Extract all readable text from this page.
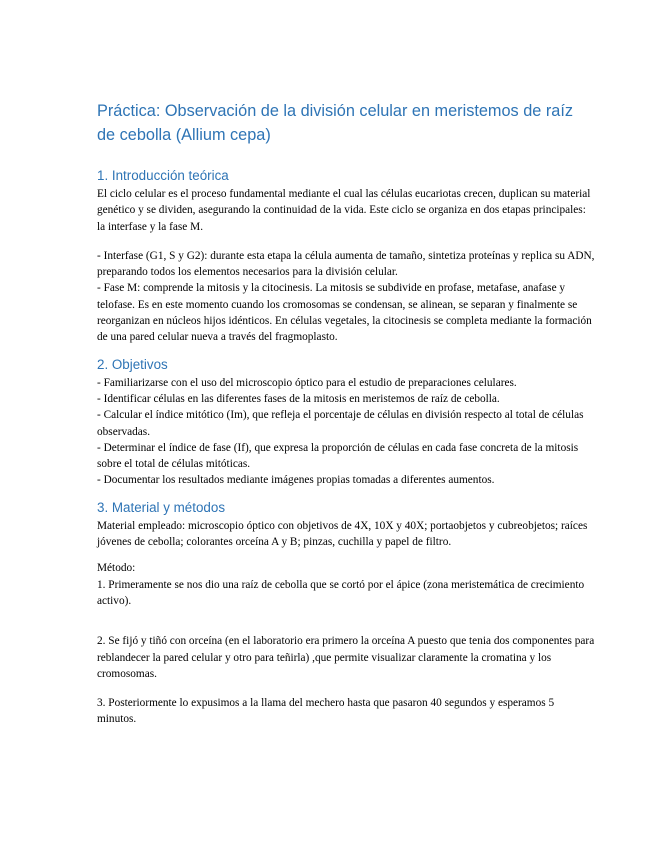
Práctica: Observación de la división celular en meristemos de raíz de cebolla (Allium cepa)
1. Introducción teórica

El ciclo celular es el proceso fundamental mediante el cual las células eucariotas crecen, duplican su material genético y se dividen, asegurando la continuidad de la vida. Este ciclo se organiza en dos etapas principales: la interfase y la fase M.

- Interfase (G1, S y G2): durante esta etapa la célula aumenta de tamaño, sintetiza proteínas y replica su ADN, preparando todos los elementos necesarios para la división celular.
- Fase M: comprende la mitosis y la citocinesis. La mitosis se subdivide en profase, metafase, anafase y telofase. Es en este momento cuando los cromosomas se condensan, se alinean, se separan y finalmente se reorganizan en núcleos hijos idénticos. En células vegetales, la citocinesis se completa mediante la formación de una pared celular nueva a través del fragmoplasto.
2. Objetivos
- Familiarizarse con el uso del microscopio óptico para el estudio de preparaciones celulares.
- Identificar células en las diferentes fases de la mitosis en meristemos de raíz de cebolla.
- Calcular el índice mitótico (Im), que refleja el porcentaje de células en división respecto al total de células observadas.
- Determinar el índice de fase (If), que expresa la proporción de células en cada fase concreta de la mitosis sobre el total de células mitóticas.
- Documentar los resultados mediante imágenes propias tomadas a diferentes aumentos.
3. Material y métodos

Material empleado: microscopio óptico con objetivos de 4X, 10X y 40X; portaobjetos y cubreobjetos; raíces jóvenes de cebolla; colorantes orceína A y B; pinzas, cuchilla y papel de filtro.

Método:

1. Primeramente se nos dio una raíz de cebolla que se cortó por el ápice (zona meristemática de crecimiento activo).

2. Se fijó y tiñó con orceína (en el laboratorio era primero la orceína A puesto que tenia dos componentes para reblandecer la pared celular y otro para teñirla) ,que permite visualizar claramente la cromatina y los cromosomas.

3. Posteriormente lo expusimos a la llama del mechero hasta que pasaron 40 segundos y esperamos 5 minutos.
